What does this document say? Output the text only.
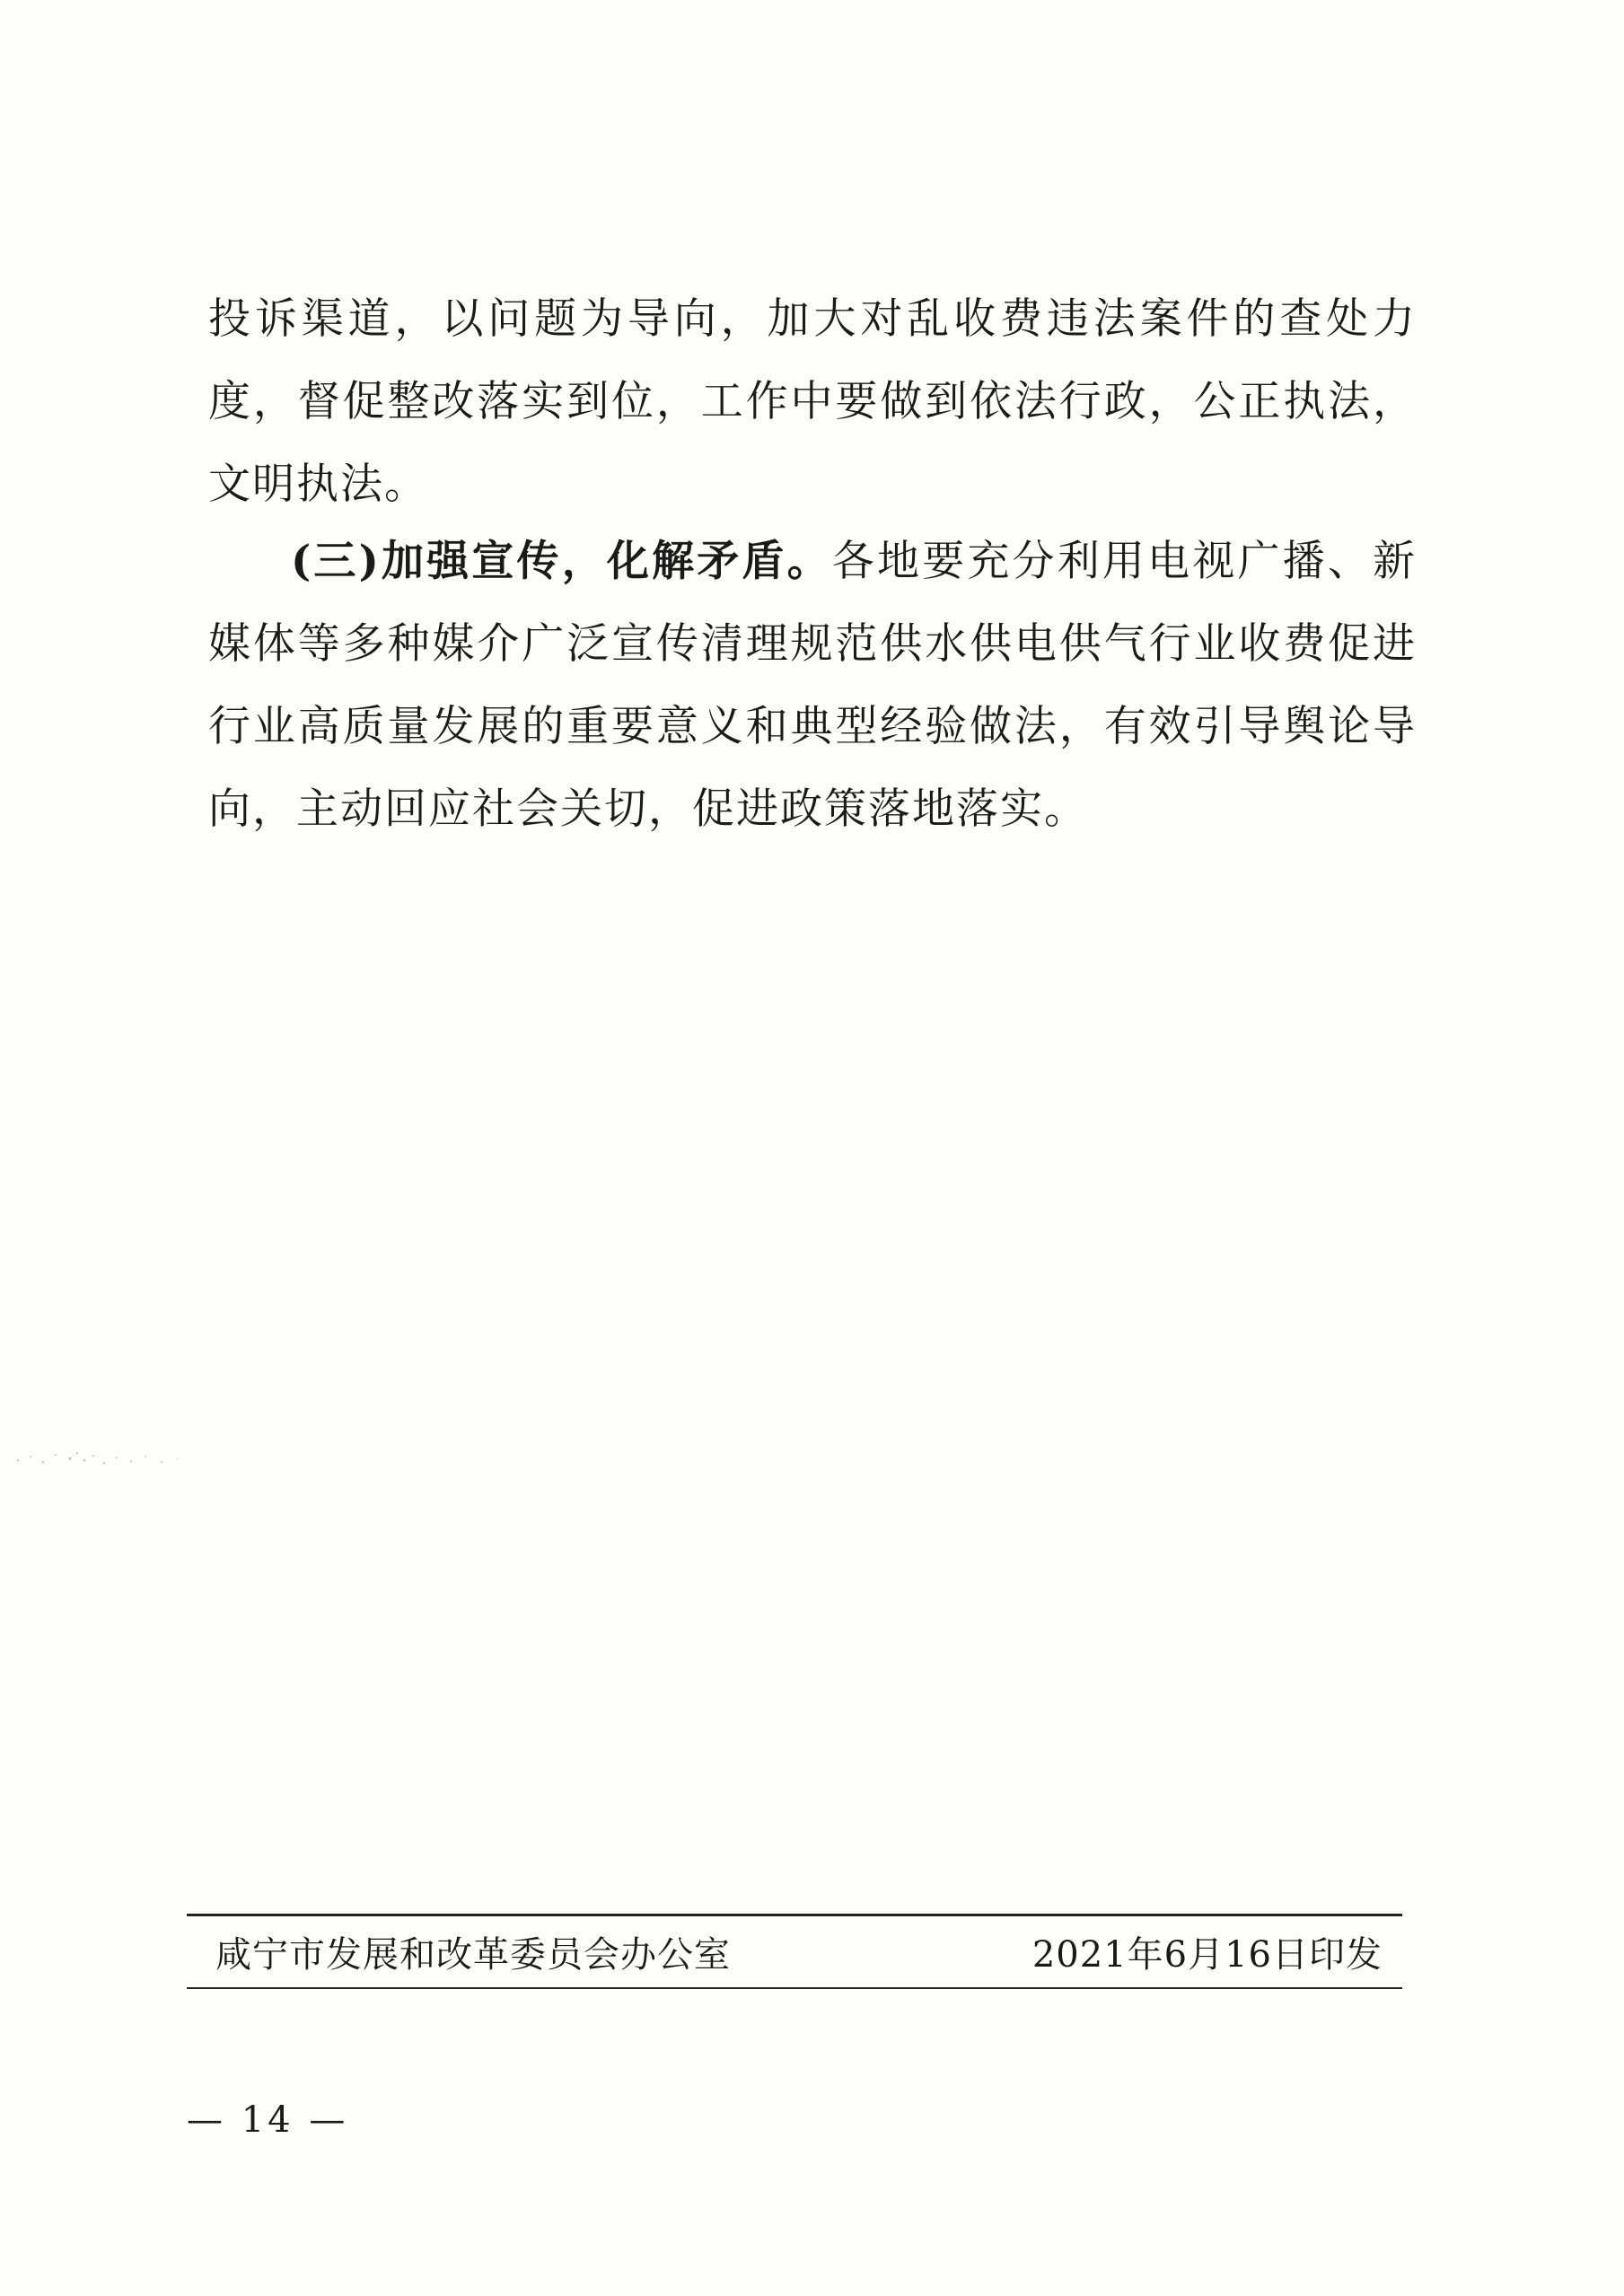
投诉渠道，以问题为导向，加大对乱收费违法案件的查处力度，督促整改落实到位，工作中要做到依法行政，公正执法，文明执法。

(三)加强宣传，化解矛盾。各地要充分利用电视广播、新媒体等多种媒介广泛宣传清理规范供水供电供气行业收费促进行业高质量发展的重要意义和典型经验做法，有效引导舆论导向，主动回应社会关切，促进政策落地落实。

咸宁市发展和改革委员会办公室	2021年6月16日印发
— 14 —
